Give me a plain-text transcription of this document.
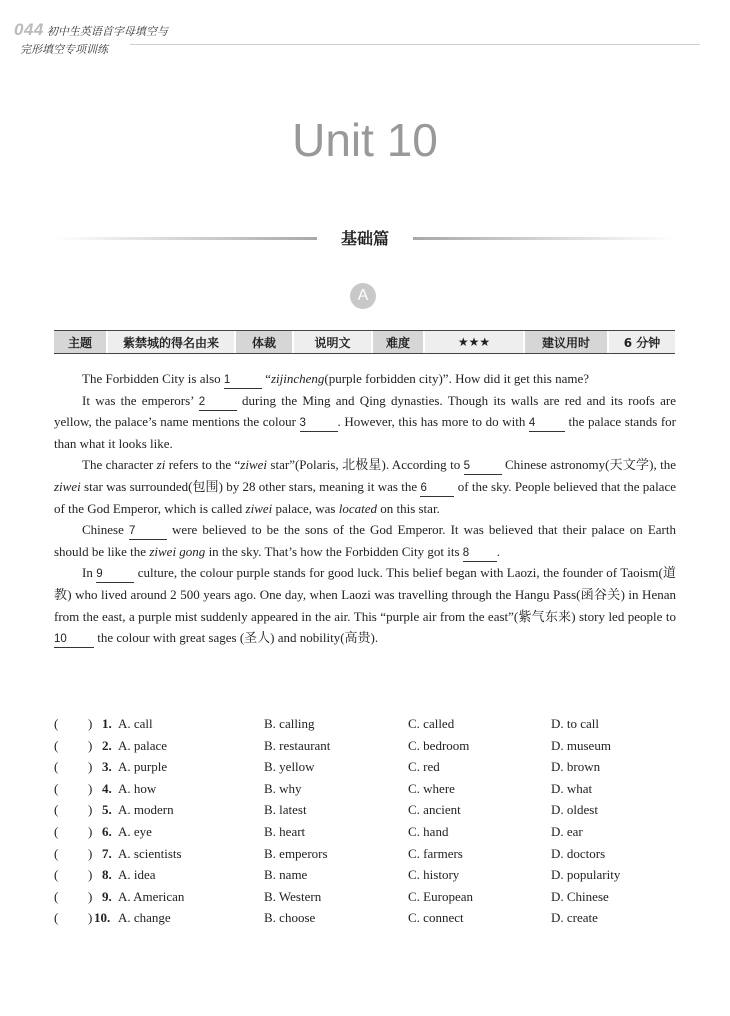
044 初中生英语首字母填空与
完形填空专项训练
Unit 10
基础篇
A
主题	紫禁城的得名由来	体裁	说明文	难度	★★★	建议用时	6 分钟

The Forbidden City is also 1 “zijincheng(purple forbidden city)”. How did it get this name?

It was the emperors’ 2 during the Ming and Qing dynasties. Though its walls are red and its roofs are yellow, the palace’s name mentions the colour 3 . However, this has more to do with 4 the palace stands for than what it looks like.

The character zi refers to the “ziwei star”(Polaris, 北极星). According to 5 Chinese astronomy(天文学), the ziwei star was surrounded(包围) by 28 other stars, meaning it was the 6 of the sky. People believed that the palace of the God Emperor, which is called ziwei palace, was located on this star.

Chinese 7 were believed to be the sons of the God Emperor. It was believed that their palace on Earth should be like the ziwei gong in the sky. That’s how the Forbidden City got its 8 .

In 9 culture, the colour purple stands for good luck. This belief began with Laozi, the founder of Taoism(道教) who lived around 2 500 years ago. One day, when Laozi was travelling through the Hangu Pass(函谷关) in Henan from the east, a purple mist suddenly appeared in the air. This “purple air from the east”(紫气东来) story led people to 10 the colour with great sages (圣人) and nobility(高贵).

( ) 1. A. call	B. calling	C. called	D. to call
( ) 2. A. palace	B. restaurant	C. bedroom	D. museum
( ) 3. A. purple	B. yellow	C. red	D. brown
( ) 4. A. how	B. why	C. where	D. what
( ) 5. A. modern	B. latest	C. ancient	D. oldest
( ) 6. A. eye	B. heart	C. hand	D. ear
( ) 7. A. scientists	B. emperors	C. farmers	D. doctors
( ) 8. A. idea	B. name	C. history	D. popularity
( ) 9. A. American	B. Western	C. European	D. Chinese
( ) 10. A. change	B. choose	C. connect	D. create
